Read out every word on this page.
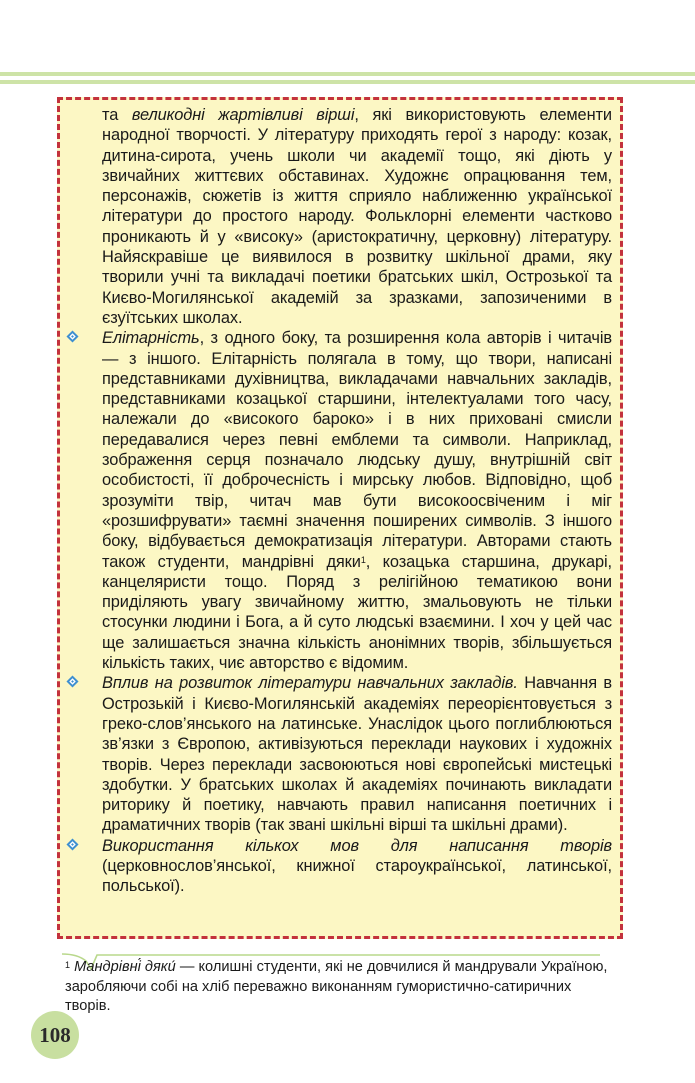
та великодні жартівливі вірші, які використовують елементи народної творчості. У літературу приходять герої з народу: козак, дитина-сирота, учень школи чи академії тощо, які діють у звичайних життєвих обставинах. Художнє опрацювання тем, персонажів, сюжетів із життя сприяло наближенню української літератури до простого народу. Фольклорні елементи частково проникають й у «високу» (аристократичну, церковну) літературу. Найяскравіше це виявилося в розвитку шкільної драми, яку творили учні та викладачі поетики братських шкіл, Острозької та Києво-Могилянської академій за зразками, запозиченими в єзуїтських школах.

Елітарність, з одного боку, та розширення кола авторів і читачів — з іншого. Елітарність полягала в тому, що твори, написані представниками духівництва, викладачами навчальних закладів, представниками козацької старшини, інтелектуалами того часу, належали до «високого бароко» і в них приховані смисли передавалися через певні емблеми та символи. Наприклад, зображення серця позначало людську душу, внутрішній світ особистості, її доброчесність і мирську любов. Відповідно, щоб зрозуміти твір, читач мав бути високоосвіченим і міг «розшифрувати» таємні значення поширених символів. З іншого боку, відбувається демократизація літератури. Авторами стають також студенти, мандрівні дяки$^1$, козацька старшина, друкарі, канцеляристи тощо. Поряд з релігійною тематикою вони приділяють увагу звичайному життю, змальовують не тільки стосунки людини і Бога, а й суто людські взаємини. І хоч у цей час ще залишається значна кількість анонімних творів, збільшується кількість таких, чиє авторство є відомим.

Вплив на розвиток літератури навчальних закладів. Навчання в Острозькій і Києво-Могилянській академіях переорієнтовується з греко-слов’янського на латинське. Унаслідок цього поглиблюються зв’язки з Європою, активізуються переклади наукових і художніх творів. Через переклади засвоюються нові європейські мистецькі здобутки. У братських школах й академіях починають викладати риторику й поетику, навчають правил написання поетичних і драматичних творів (так звані шкільні вірші та шкільні драми).

Використання кількох мов для написання творів (церковнослов’янської, книжної староукраїнської, латинської, польської).

$^1$ Мандрівні́ дяки́ — колишні студенти, які не довчилися й мандрували Україною, заробляючи собі на хліб переважно виконанням гумористично-сатиричних творів.
108
